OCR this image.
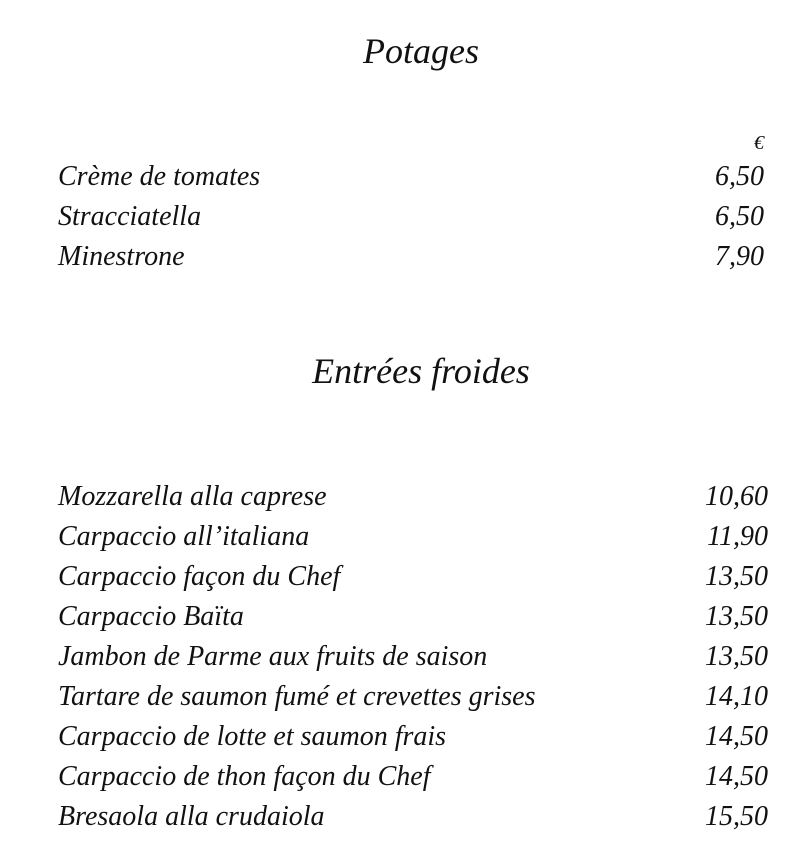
Potages
€
Crème de tomates	6,50
Stracciatella	6,50
Minestrone	7,90
Entrées froides
Mozzarella alla caprese	10,60
Carpaccio all’italiana	11,90
Carpaccio façon du Chef	13,50
Carpaccio Baïta	13,50
Jambon de Parme aux fruits de saison	13,50
Tartare de saumon fumé et crevettes grises	14,10
Carpaccio de lotte et saumon frais	14,50
Carpaccio de thon façon du Chef	14,50
Bresaola alla crudaiola	15,50
